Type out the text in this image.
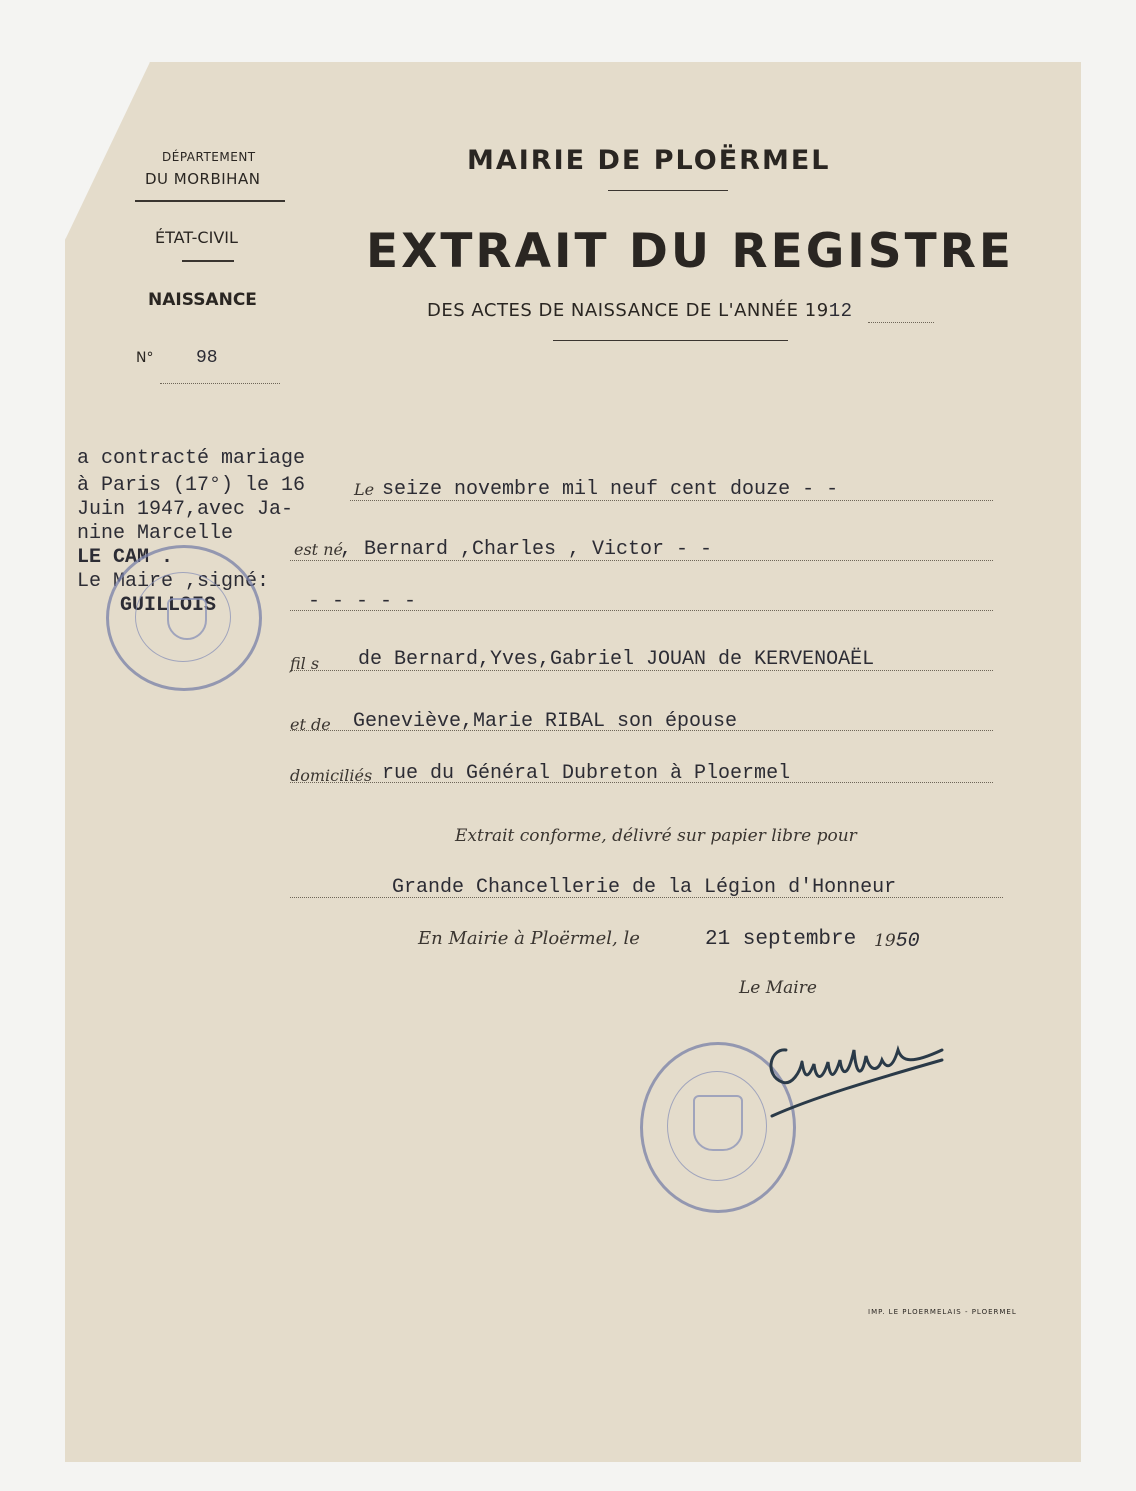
DÉPARTEMENT
DU MORBIHAN
ÉTAT-CIVIL
NAISSANCE
N° 98
MAIRIE DE PLOËRMEL
EXTRAIT DU REGISTRE
DES ACTES DE NAISSANCE DE L'ANNÉE 1912
a contracté mariage
à Paris (17°) le 16
Juin 1947,avec Ja-
nine Marcelle
LE CAM .
Le Maire ,signé:
GUILLOIS
Le seize novembre mil neuf cent douze - -
est né
, Bernard ,Charles , Victor - -
- - - - -
fil s de Bernard,Yves,Gabriel JOUAN de KERVENOAËL
et de Geneviève,Marie RIBAL son épouse
domiciliés rue du Général Dubreton à Ploermel
Extrait conforme, délivré sur papier libre pour
Grande Chancellerie de la Légion d'Honneur
En Mairie à Ploërmel, le	21 septembre 1950
Le Maire
IMP. LE PLOERMELAIS - PLOERMEL
